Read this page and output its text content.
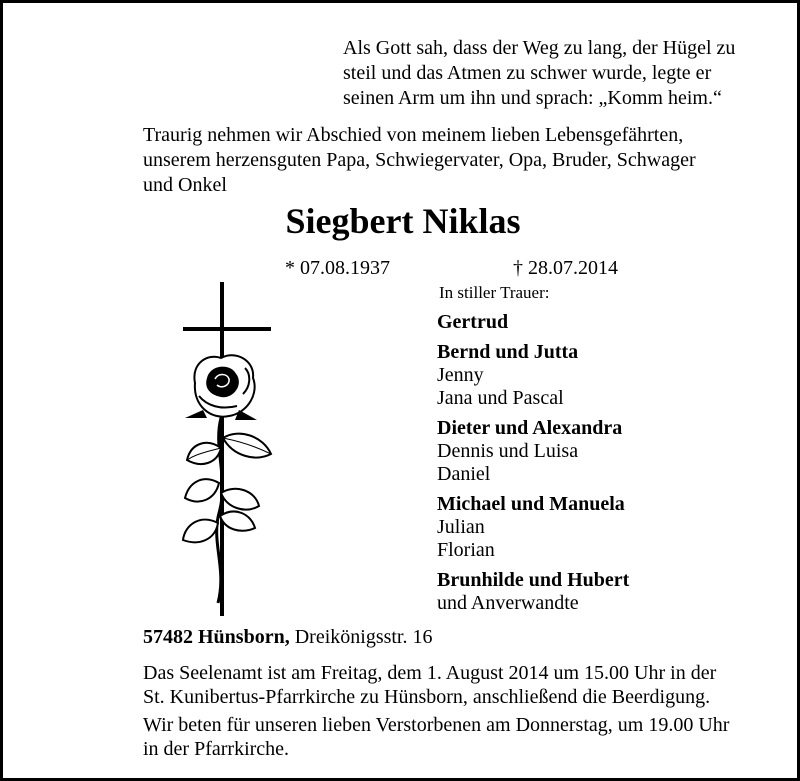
Als Gott sah, dass der Weg zu lang, der Hügel zu
steil und das Atmen zu schwer wurde, legte er
seinen Arm um ihn und sprach: „Komm heim.“
Traurig nehmen wir Abschied von meinem lieben Lebensgefährten,
unserem herzensguten Papa, Schwiegervater, Opa, Bruder, Schwager
und Onkel
Siegbert Niklas
* 07.08.1937	† 28.07.2014
In stiller Trauer:
Gertrud
Bernd und Jutta
Jenny
Jana und Pascal
Dieter und Alexandra
Dennis und Luisa
Daniel
Michael und Manuela
Julian
Florian
Brunhilde und Hubert
und Anverwandte
57482 Hünsborn, Dreikönigsstr. 16
Das Seelenamt ist am Freitag, dem 1. August 2014 um 15.00 Uhr in der
St. Kunibertus-Pfarrkirche zu Hünsborn, anschließend die Beerdigung.
Wir beten für unseren lieben Verstorbenen am Donnerstag, um 19.00 Uhr
in der Pfarrkirche.
